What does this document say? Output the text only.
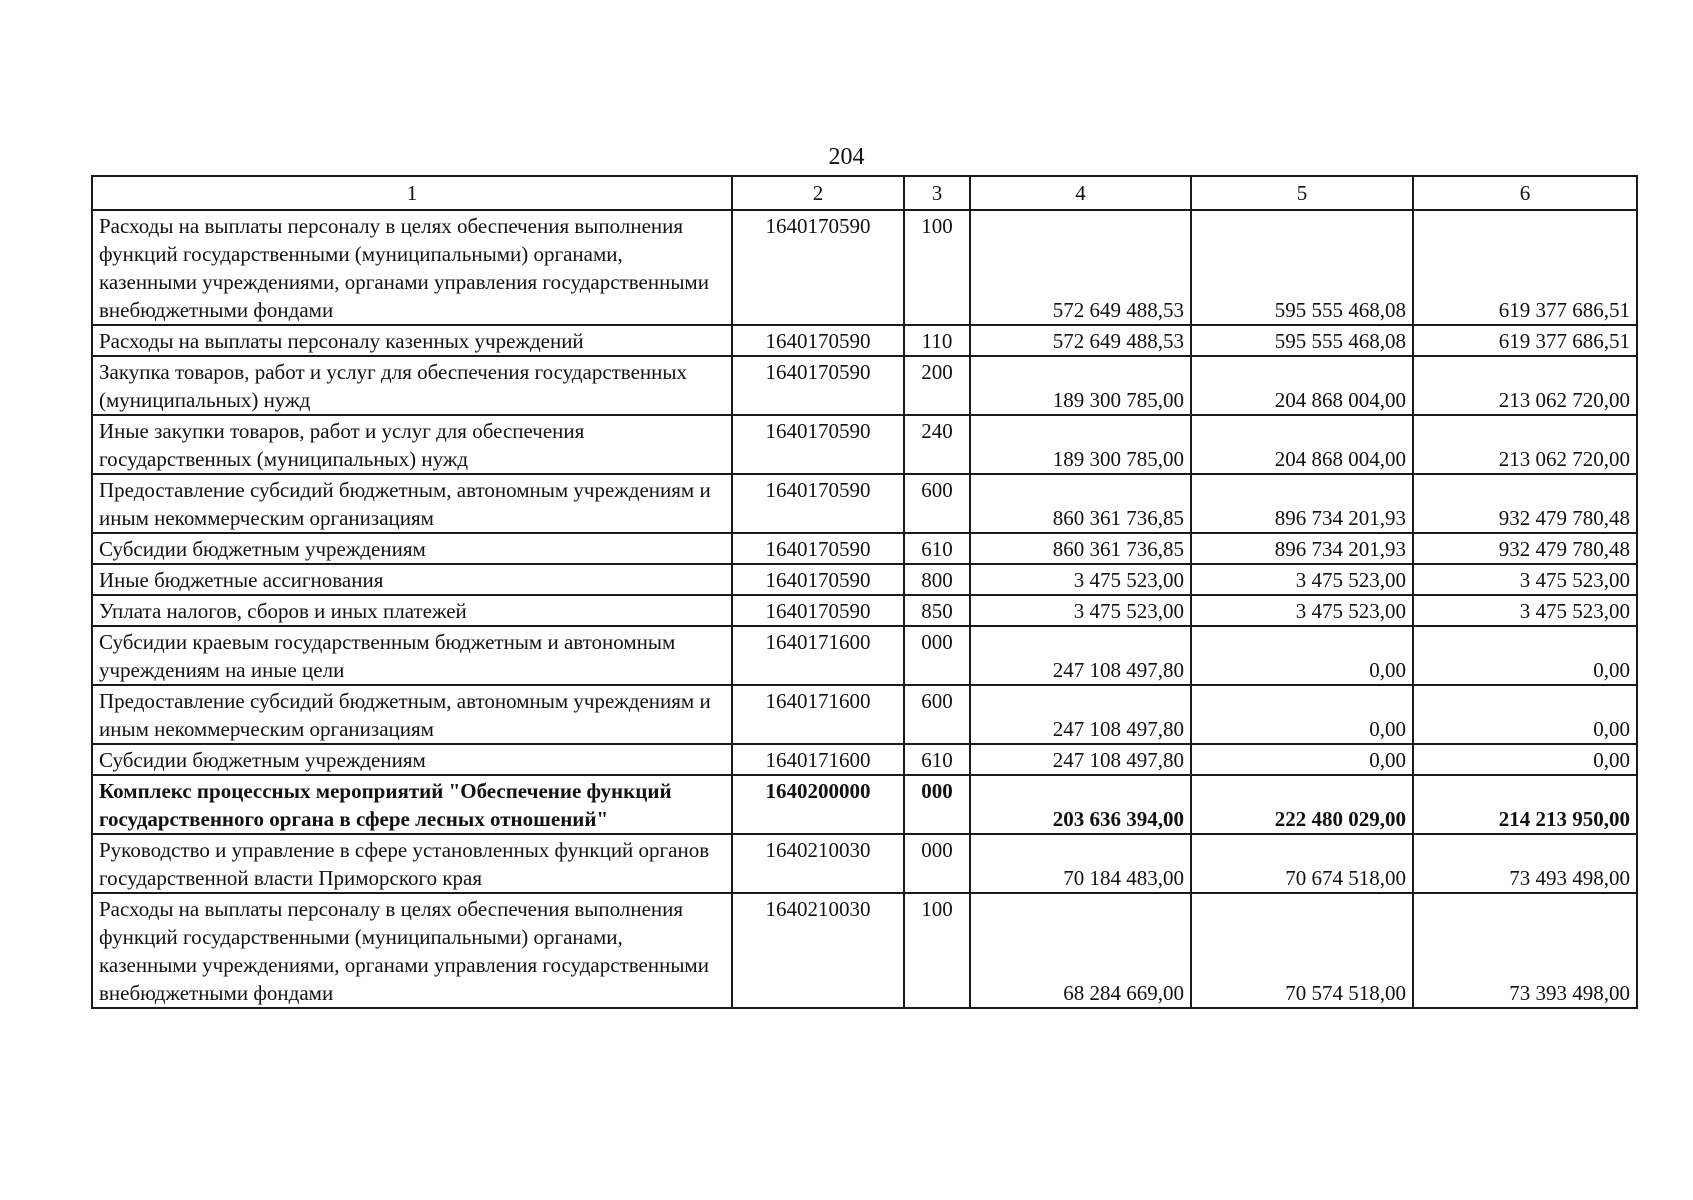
204
1	2	3	4	5	6
Расходы на выплаты персоналу в целях обеспечения выполнения функций государственными (муниципальными) органами, казенными учреждениями, органами управления государственными внебюджетными фондами	1640170590	100	572 649 488,53	595 555 468,08	619 377 686,51
Расходы на выплаты персоналу казенных учреждений	1640170590	110	572 649 488,53	595 555 468,08	619 377 686,51
Закупка товаров, работ и услуг для обеспечения государственных (муниципальных) нужд	1640170590	200	189 300 785,00	204 868 004,00	213 062 720,00
Иные закупки товаров, работ и услуг для обеспечения государственных (муниципальных) нужд	1640170590	240	189 300 785,00	204 868 004,00	213 062 720,00
Предоставление субсидий бюджетным, автономным учреждениям и иным некоммерческим организациям	1640170590	600	860 361 736,85	896 734 201,93	932 479 780,48
Субсидии бюджетным учреждениям	1640170590	610	860 361 736,85	896 734 201,93	932 479 780,48
Иные бюджетные ассигнования	1640170590	800	3 475 523,00	3 475 523,00	3 475 523,00
Уплата налогов, сборов и иных платежей	1640170590	850	3 475 523,00	3 475 523,00	3 475 523,00
Субсидии краевым государственным бюджетным и автономным учреждениям на иные цели	1640171600	000	247 108 497,80	0,00	0,00
Предоставление субсидий бюджетным, автономным учреждениям и иным некоммерческим организациям	1640171600	600	247 108 497,80	0,00	0,00
Субсидии бюджетным учреждениям	1640171600	610	247 108 497,80	0,00	0,00
Комплекс процессных мероприятий "Обеспечение функций государственного органа в сфере лесных отношений"	1640200000	000	203 636 394,00	222 480 029,00	214 213 950,00
Руководство и управление в сфере установленных функций органов государственной власти Приморского края	1640210030	000	70 184 483,00	70 674 518,00	73 493 498,00
Расходы на выплаты персоналу в целях обеспечения выполнения функций государственными (муниципальными) органами, казенными учреждениями, органами управления государственными внебюджетными фондами	1640210030	100	68 284 669,00	70 574 518,00	73 393 498,00
